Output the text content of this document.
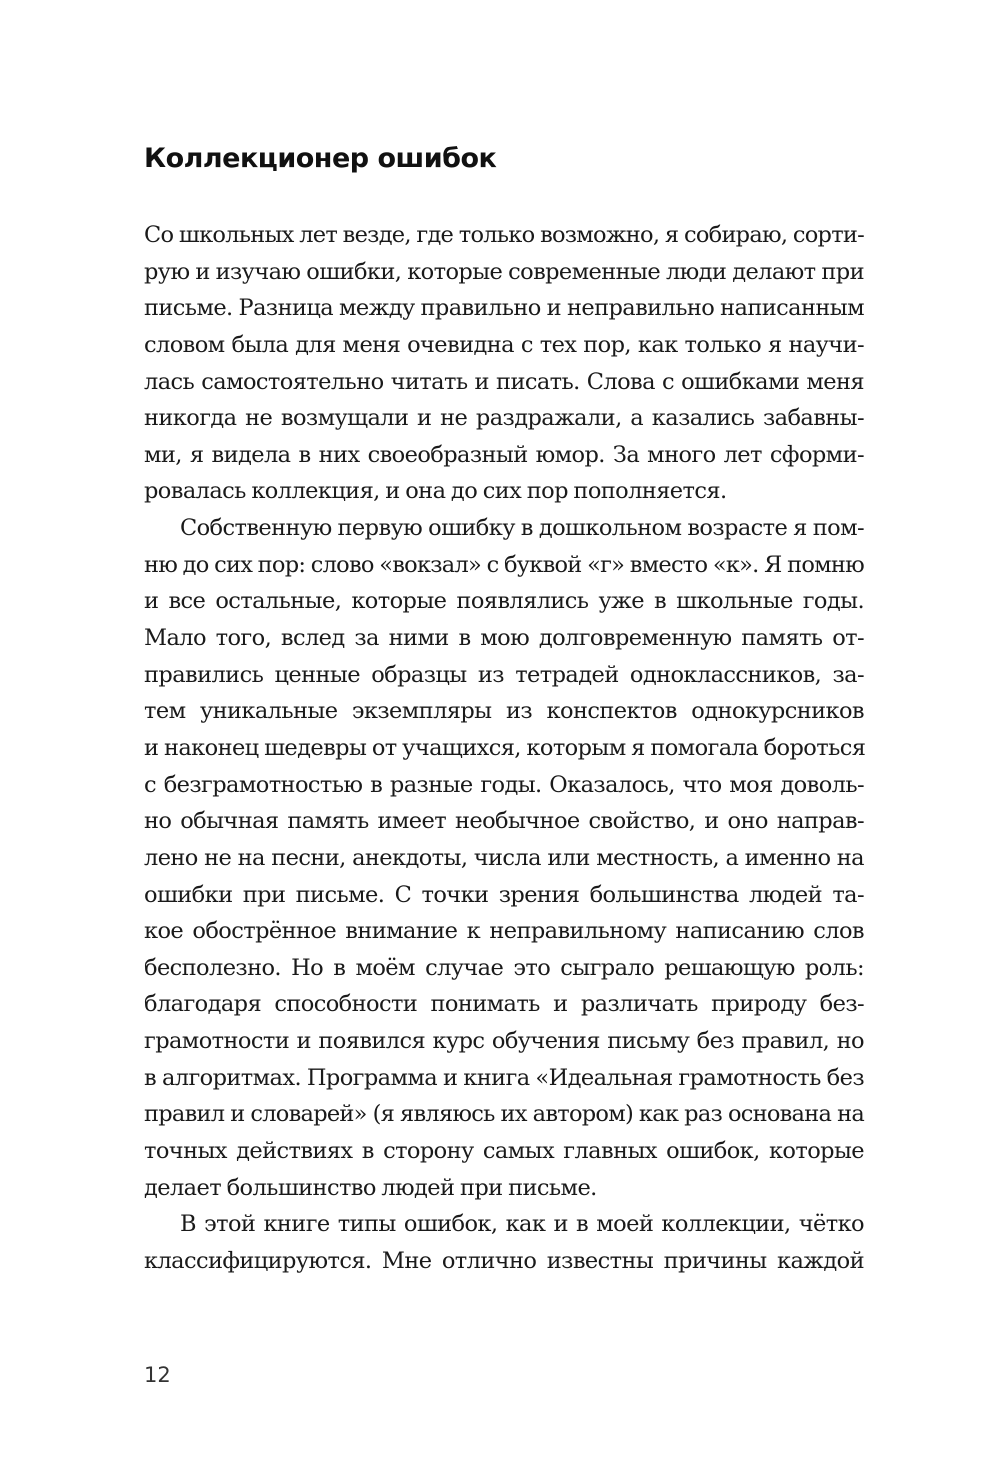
Коллекционер ошибок
Со школьных лет везде, где только возможно, я собираю, сорти-
рую и изучаю ошибки, которые современные люди делают при
письме. Разница между правильно и неправильно написанным
словом была для меня очевидна с тех пор, как только я научи-
лась самостоятельно читать и писать. Слова с ошибками меня
никогда не возмущали и не раздражали, а казались забавны-
ми, я видела в них своеобразный юмор. За много лет сформи-
ровалась коллекция, и она до сих пор пополняется.
Собственную первую ошибку в дошкольном возрасте я пом-
ню до сих пор: слово «вокзал» с буквой «г» вместо «к». Я помню
и все остальные, которые появлялись уже в школьные годы.
Мало того, вслед за ними в мою долговременную память от-
правились ценные образцы из тетрадей одноклассников, за-
тем уникальные экземпляры из конспектов однокурсников
и наконец шедевры от учащихся, которым я помогала бороться
с безграмотностью в разные годы. Оказалось, что моя доволь-
но обычная память имеет необычное свойство, и оно направ-
лено не на песни, анекдоты, числа или местность, а именно на
ошибки при письме. С точки зрения большинства людей та-
кое обострённое внимание к неправильному написанию слов
бесполезно. Но в моём случае это сыграло решающую роль:
благодаря способности понимать и различать природу без-
грамотности и появился курс обучения письму без правил, но
в алгоритмах. Программа и книга «Идеальная грамотность без
правил и словарей» (я являюсь их автором) как раз основана на
точных действиях в сторону самых главных ошибок, которые
делает большинство людей при письме.
В этой книге типы ошибок, как и в моей коллекции, чётко
классифицируются. Мне отлично известны причины каждой
12
